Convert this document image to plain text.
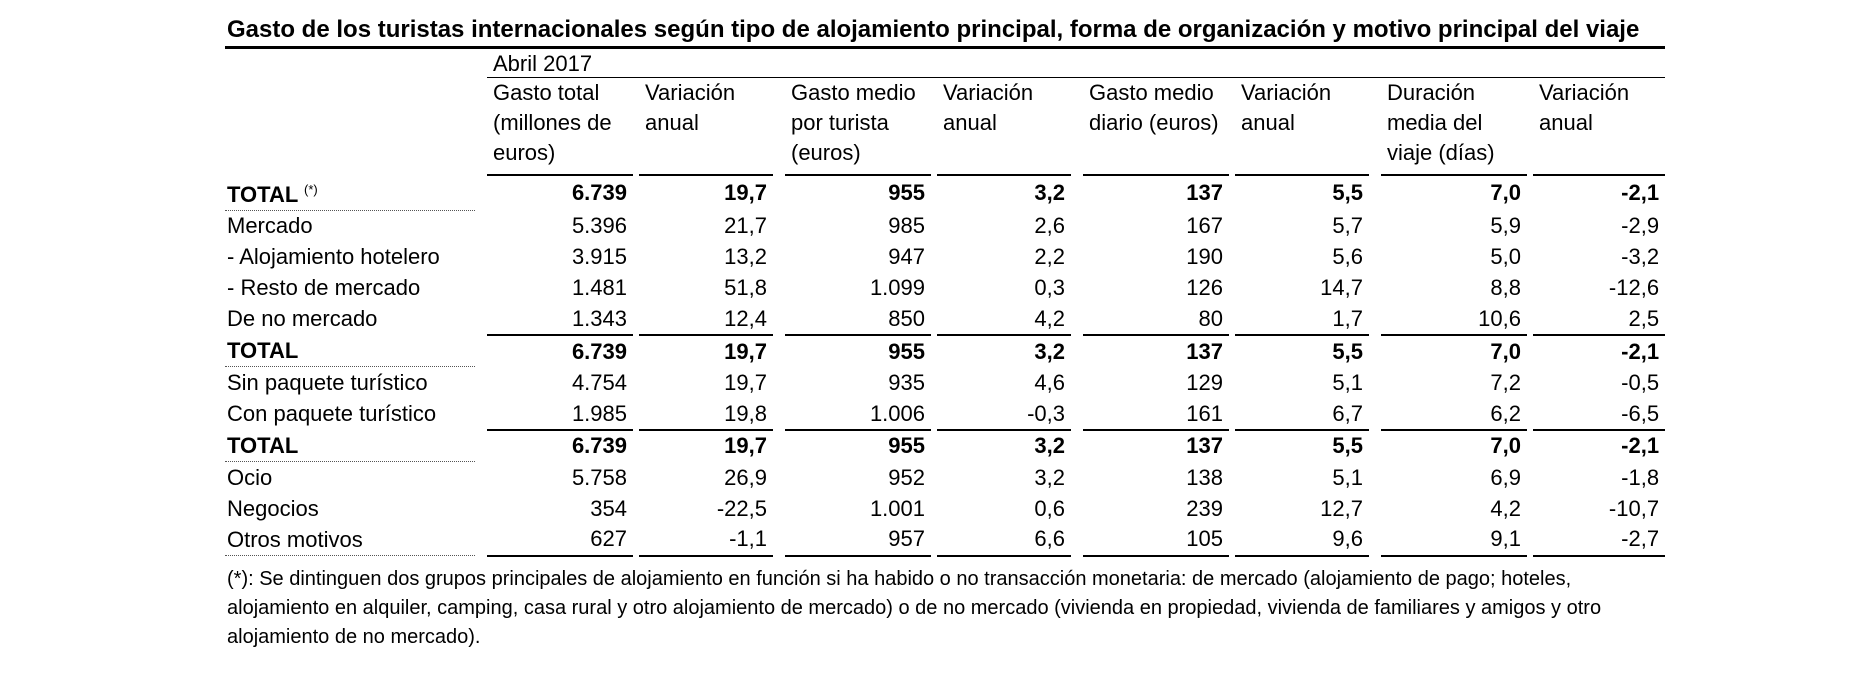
Gasto de los turistas internacionales según tipo de alojamiento principal, forma de organización y motivo principal del viaje
		Abril 2017														
		Gasto total (millones de euros)		Variación anual		Gasto medio por turista (euros)		Variación anual		Gasto medio diario (euros)		Variación anual		Duración media del viaje (días)		Variación anual
TOTAL (*)		6.739		19,7		955		3,2		137		5,5		7,0		-2,1
Mercado		5.396		21,7		985		2,6		167		5,7		5,9		-2,9
- Alojamiento hotelero		3.915		13,2		947		2,2		190		5,6		5,0		-3,2
- Resto de mercado		1.481		51,8		1.099		0,3		126		14,7		8,8		-12,6
De no mercado		1.343		12,4		850		4,2		80		1,7		10,6		2,5
TOTAL		6.739		19,7		955		3,2		137		5,5		7,0		-2,1
Sin paquete turístico		4.754		19,7		935		4,6		129		5,1		7,2		-0,5
Con paquete turístico		1.985		19,8		1.006		-0,3		161		6,7		6,2		-6,5
TOTAL		6.739		19,7		955		3,2		137		5,5		7,0		-2,1
Ocio		5.758		26,9		952		3,2		138		5,1		6,9		-1,8
Negocios		354		-22,5		1.001		0,6		239		12,7		4,2		-10,7
Otros motivos		627		-1,1		957		6,6		105		9,6		9,1		-2,7
(*): Se dintinguen dos grupos principales de alojamiento en función si ha habido o no transacción monetaria: de mercado (alojamiento de pago; hoteles, alojamiento en alquiler, camping, casa rural y otro alojamiento de mercado) o de no mercado (vivienda en propiedad, vivienda de familiares y amigos y otro alojamiento de no mercado).
